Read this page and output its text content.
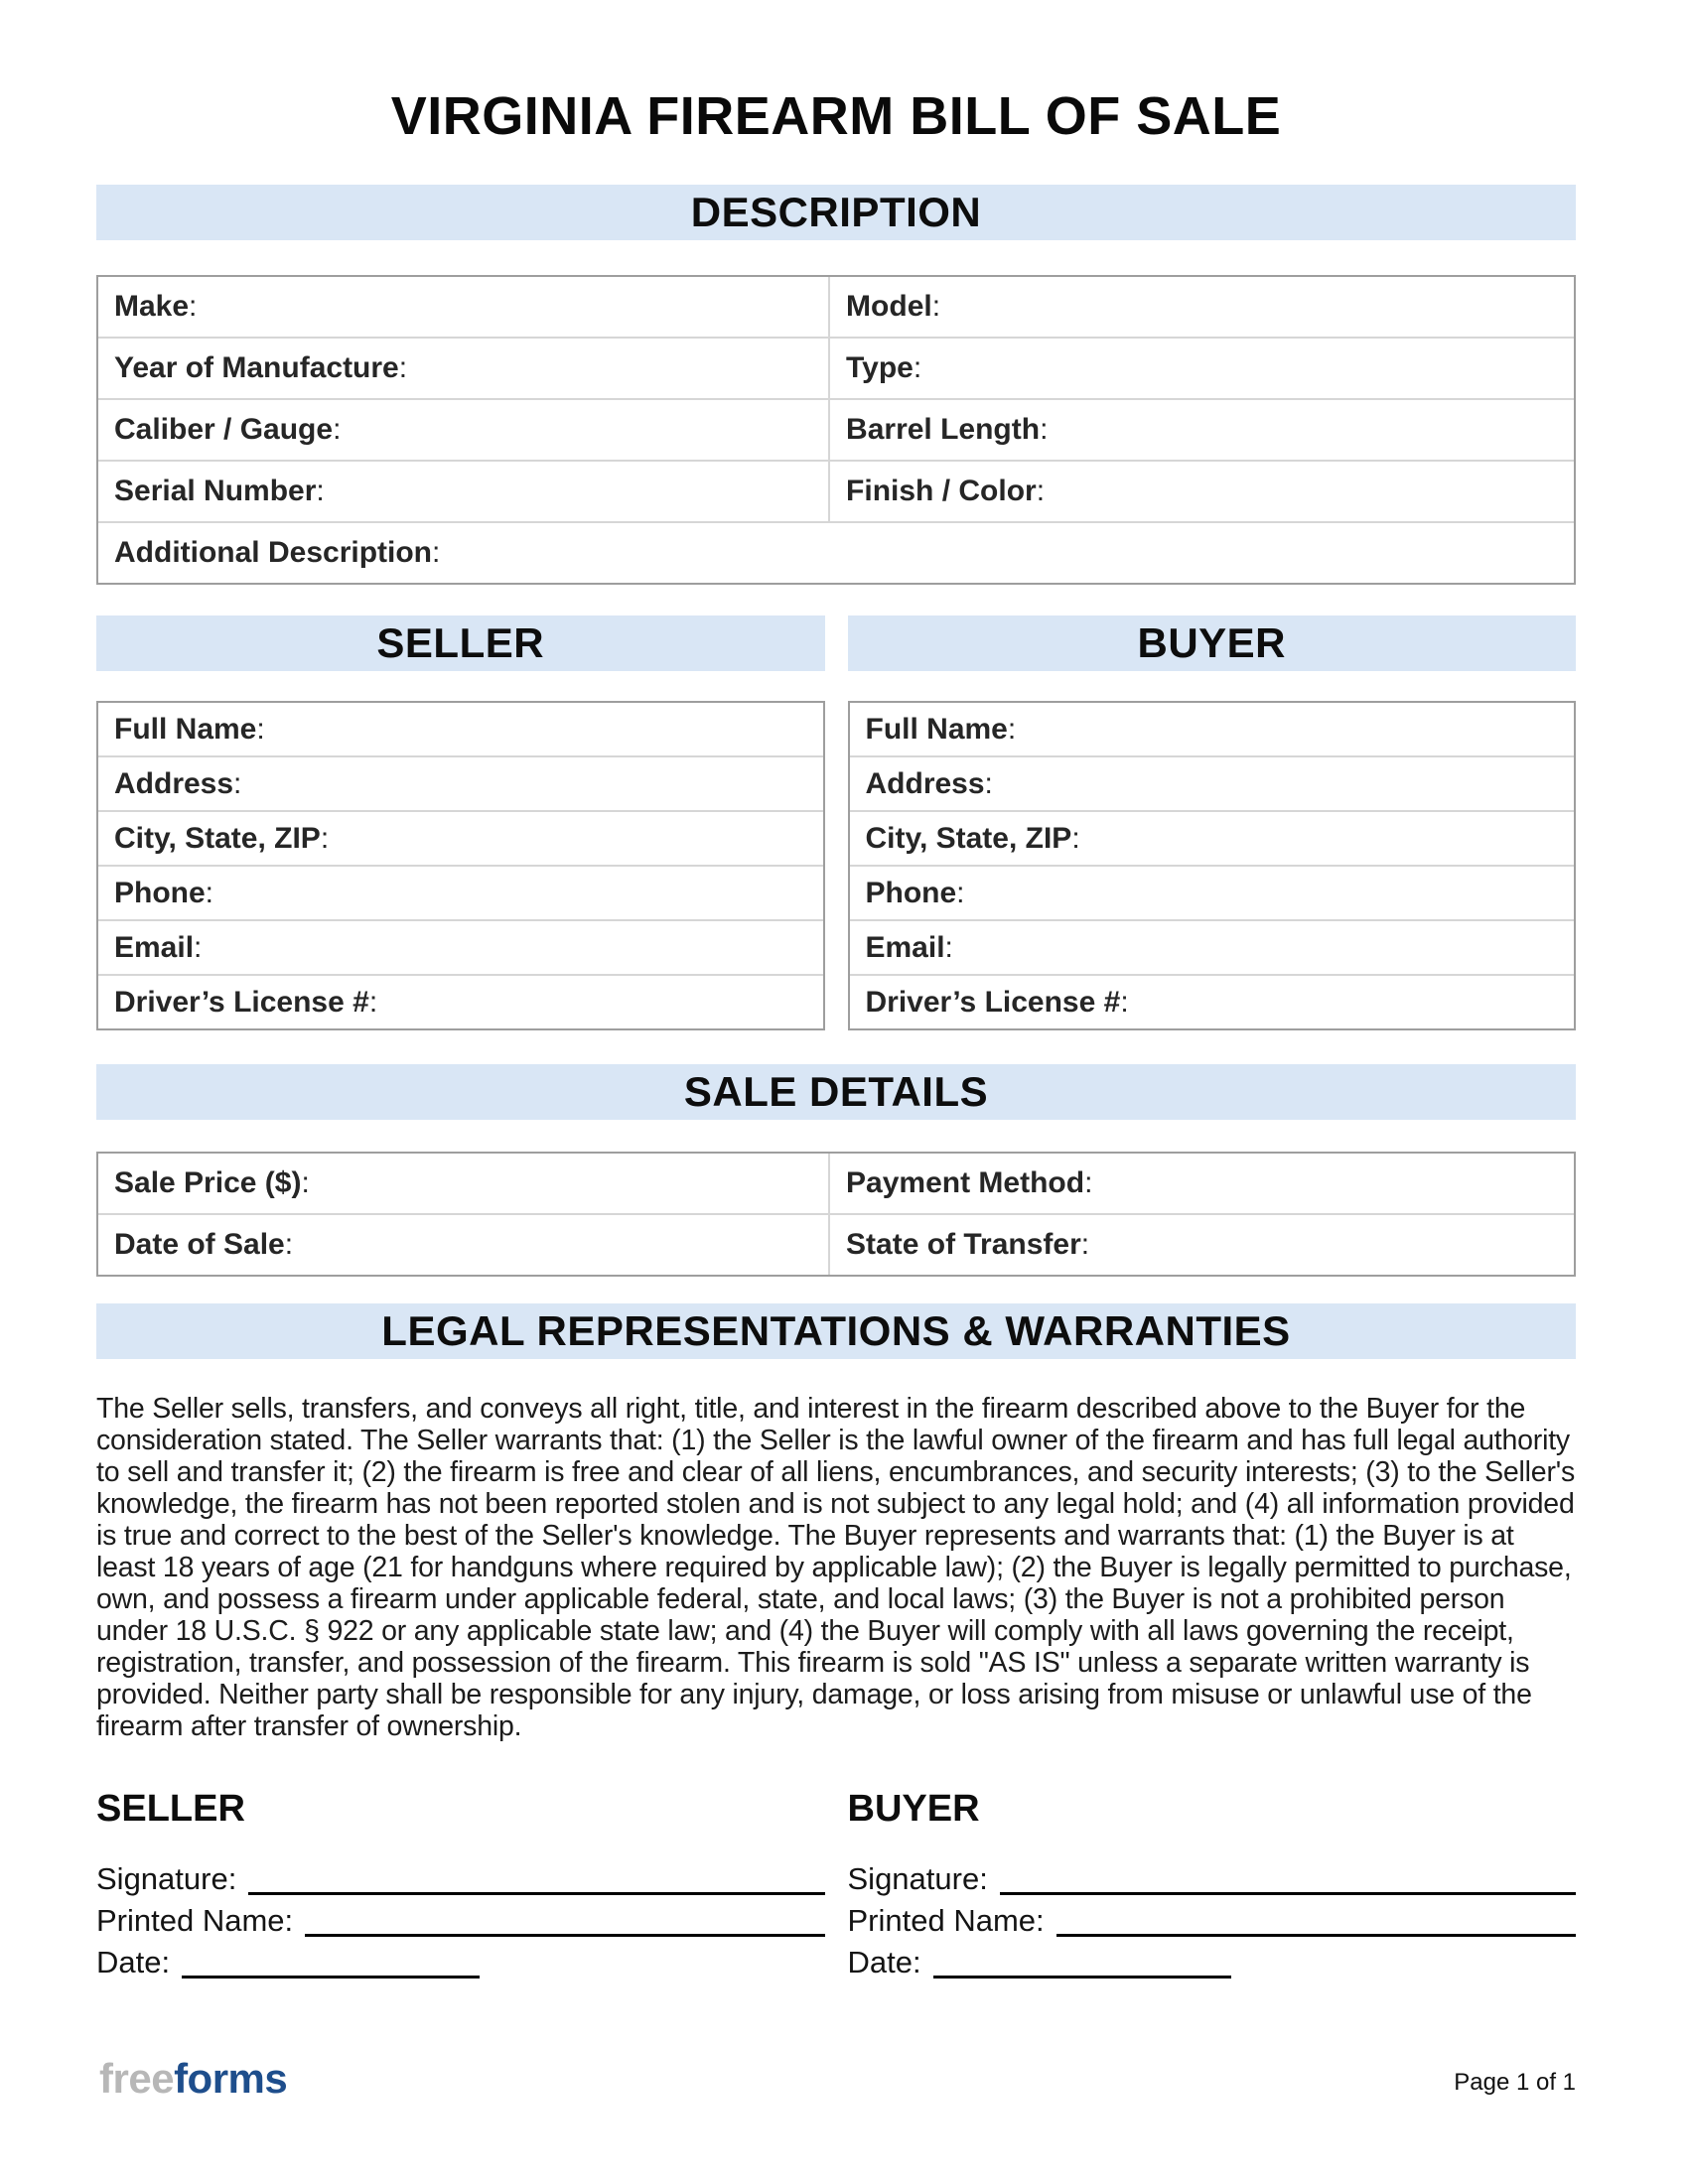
VIRGINIA FIREARM BILL OF SALE
DESCRIPTION
Make :	Model :
Year of Manufacture :	Type :
Caliber / Gauge :	Barrel Length :
Serial Number :	Finish / Color :
Additional Description :
SELLER	BUYER
Full Name :
Address :
City, State, ZIP :
Phone :
Email :
Driver’s License # :
Full Name :
Address :
City, State, ZIP :
Phone :
Email :
Driver’s License # :
SALE DETAILS
Sale Price ($) :	Payment Method :
Date of Sale :	State of Transfer :
LEGAL REPRESENTATIONS & WARRANTIES

The Seller sells, transfers, and conveys all right, title, and interest in the firearm described above to the Buyer for the consideration stated. The Seller warrants that: (1) the Seller is the lawful owner of the firearm and has full legal authority to sell and transfer it; (2) the firearm is free and clear of all liens, encumbrances, and security interests; (3) to the Seller's knowledge, the firearm has not been reported stolen and is not subject to any legal hold; and (4) all information provided is true and correct to the best of the Seller's knowledge. The Buyer represents and warrants that: (1) the Buyer is at least 18 years of age (21 for handguns where required by applicable law); (2) the Buyer is legally permitted to purchase, own, and possess a firearm under applicable federal, state, and local laws; (3) the Buyer is not a prohibited person under 18 U.S.C. § 922 or any applicable state law; and (4) the Buyer will comply with all laws governing the receipt, registration, transfer, and possession of the firearm. This firearm is sold "AS IS" unless a separate written warranty is provided. Neither party shall be responsible for any injury, damage, or loss arising from misuse or unlawful use of the firearm after transfer of ownership.

SELLER
Signature:
Printed Name:
Date:
BUYER
Signature:
Printed Name:
Date:
freeforms	Page 1 of 1
